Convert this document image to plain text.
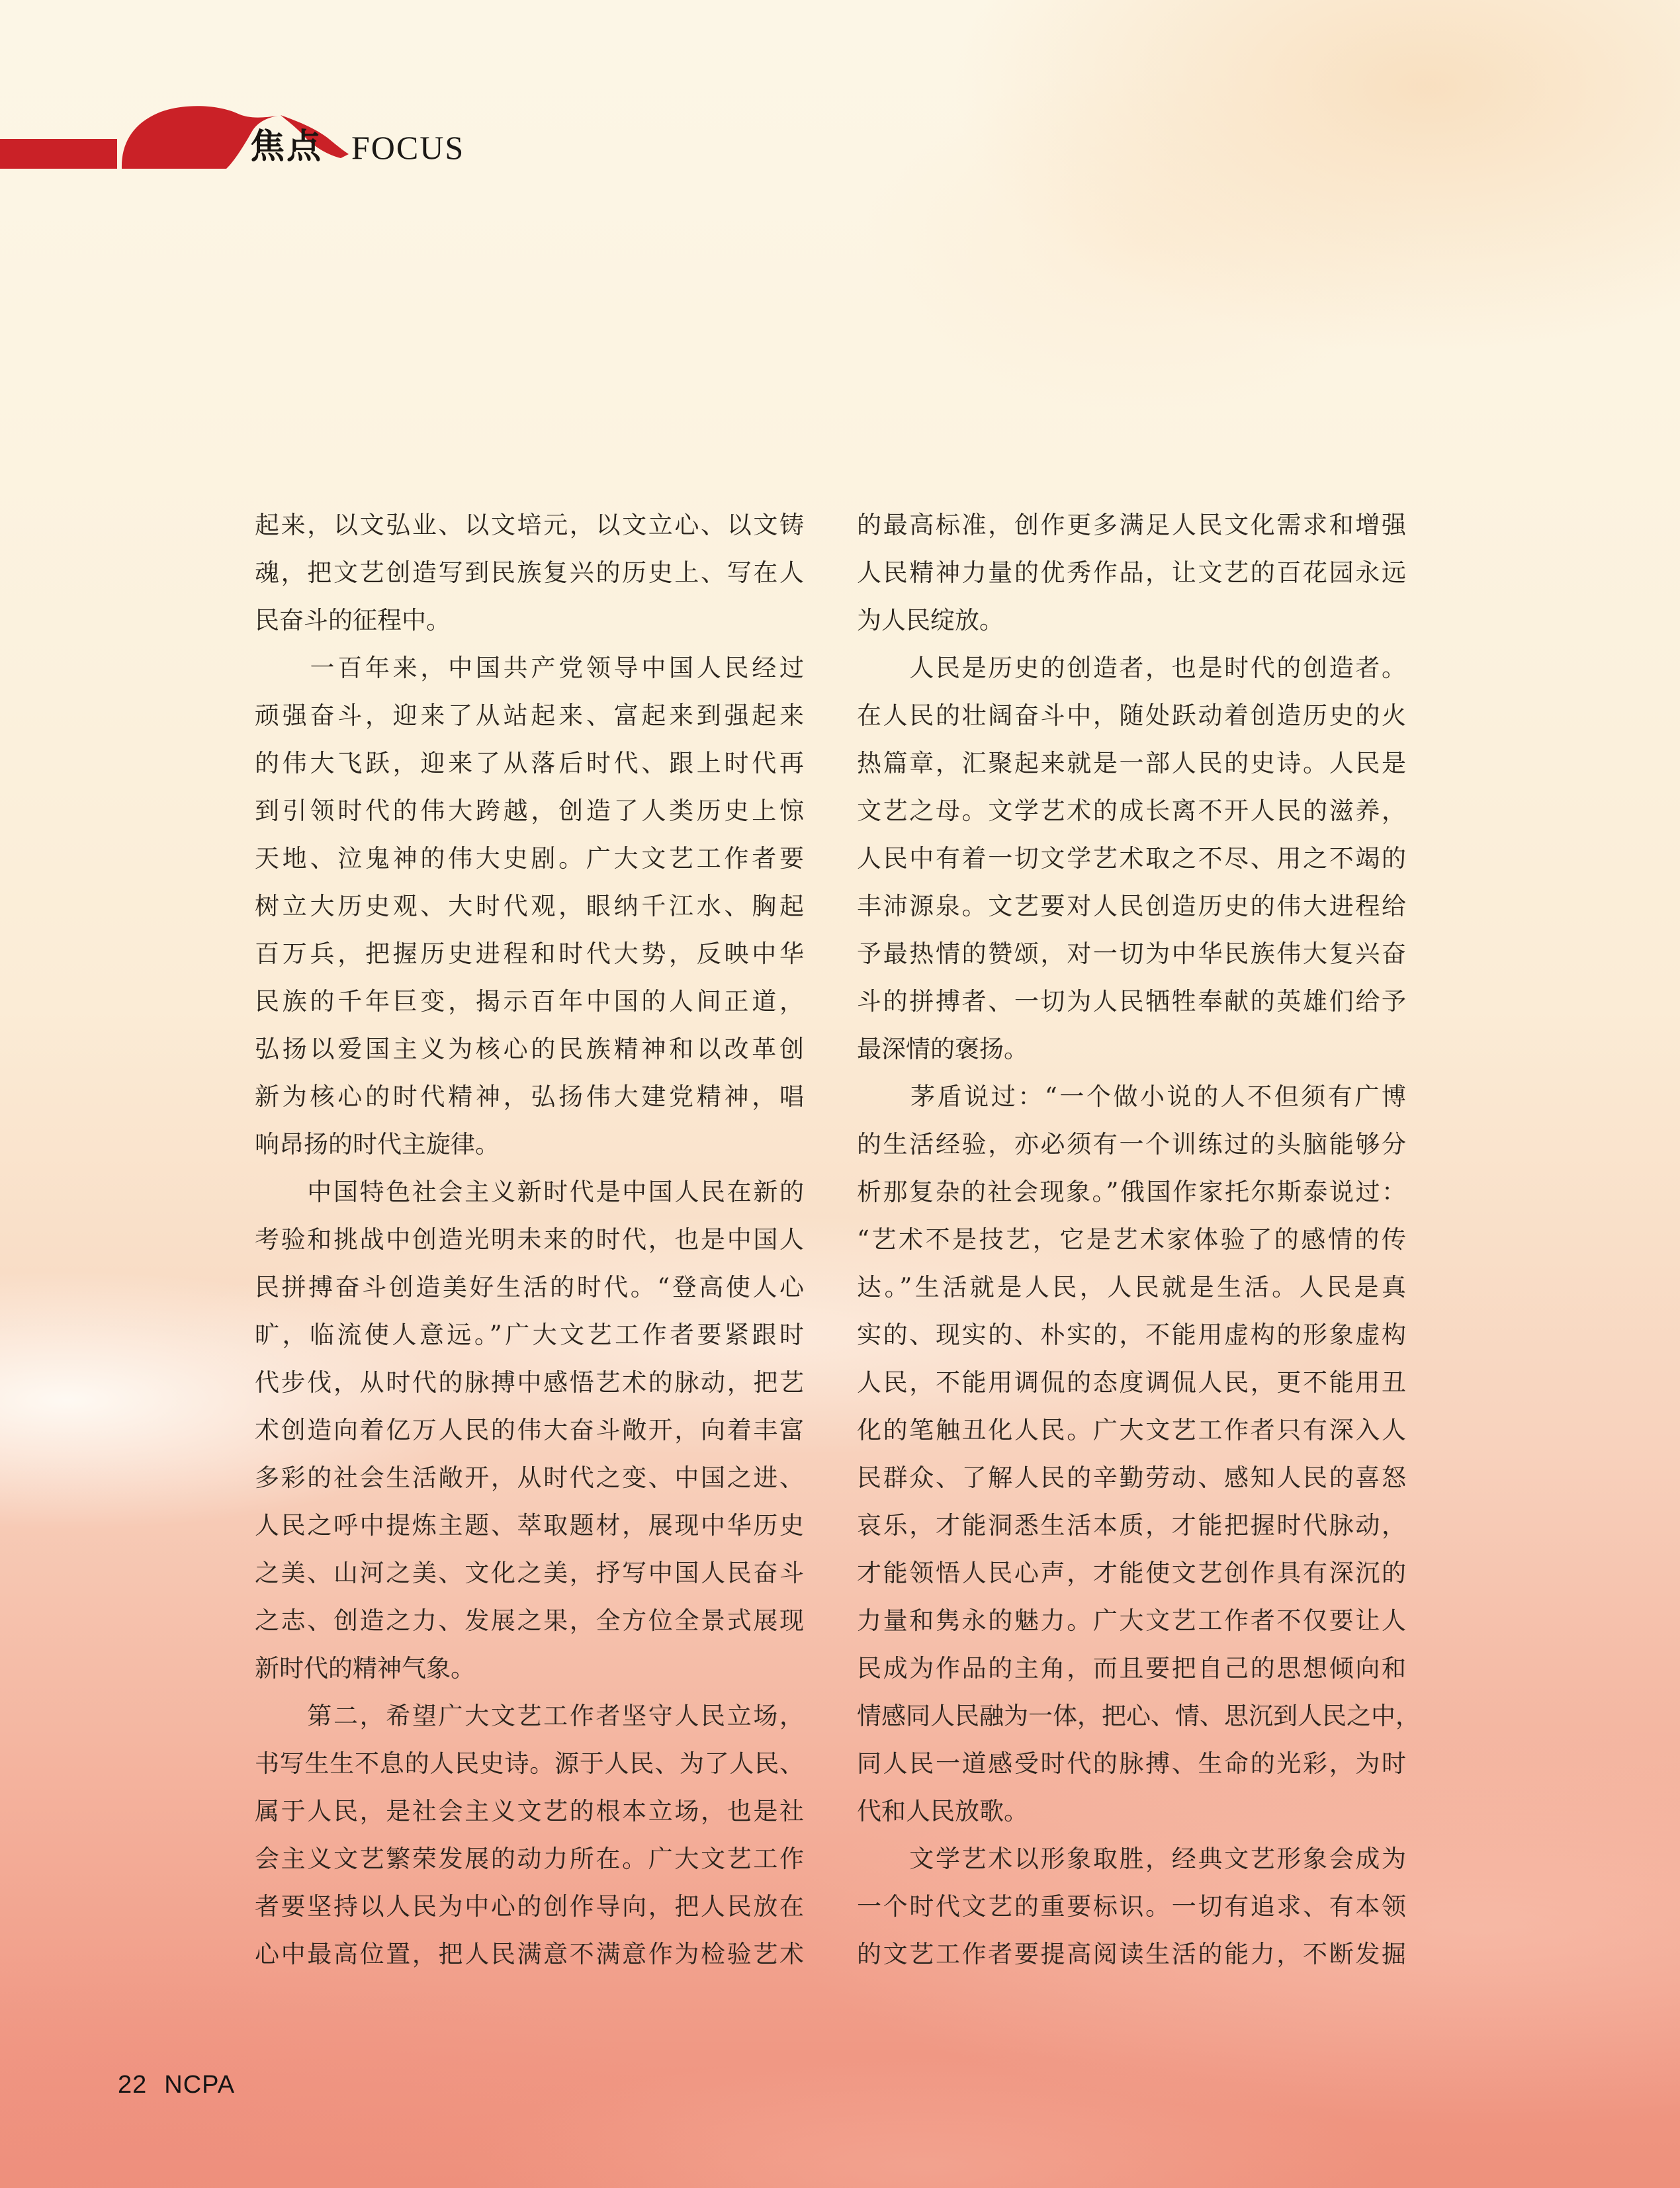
焦点 FOCUS
起来，以文弘业、以文培元，以文立心、以文铸
魂，把文艺创造写到民族复兴的历史上、写在人
民奋斗的征程中。
　　一百年来，中国共产党领导中国人民经过
顽强奋斗，迎来了从站起来、富起来到强起来
的伟大飞跃，迎来了从落后时代、跟上时代再
到引领时代的伟大跨越，创造了人类历史上惊
天地、泣鬼神的伟大史剧。广大文艺工作者要
树立大历史观、大时代观，眼纳千江水、胸起
百万兵，把握历史进程和时代大势，反映中华
民族的千年巨变，揭示百年中国的人间正道，
弘扬以爱国主义为核心的民族精神和以改革创
新为核心的时代精神，弘扬伟大建党精神，唱
响昂扬的时代主旋律。
　　中国特色社会主义新时代是中国人民在新的
考验和挑战中创造光明未来的时代，也是中国人
民拼搏奋斗创造美好生活的时代。“登高使人心
旷，临流使人意远。”广大文艺工作者要紧跟时
代步伐，从时代的脉搏中感悟艺术的脉动，把艺
术创造向着亿万人民的伟大奋斗敞开，向着丰富
多彩的社会生活敞开，从时代之变、中国之进、
人民之呼中提炼主题、萃取题材，展现中华历史
之美、山河之美、文化之美，抒写中国人民奋斗
之志、创造之力、发展之果，全方位全景式展现
新时代的精神气象。
　　第二，希望广大文艺工作者坚守人民立场，
书写生生不息的人民史诗。源于人民、为了人民、
属于人民，是社会主义文艺的根本立场，也是社
会主义文艺繁荣发展的动力所在。广大文艺工作
者要坚持以人民为中心的创作导向，把人民放在
心中最高位置，把人民满意不满意作为检验艺术
的最高标准，创作更多满足人民文化需求和增强
人民精神力量的优秀作品，让文艺的百花园永远
为人民绽放。
　　人民是历史的创造者，也是时代的创造者。
在人民的壮阔奋斗中，随处跃动着创造历史的火
热篇章，汇聚起来就是一部人民的史诗。人民是
文艺之母。文学艺术的成长离不开人民的滋养，
人民中有着一切文学艺术取之不尽、用之不竭的
丰沛源泉。文艺要对人民创造历史的伟大进程给
予最热情的赞颂，对一切为中华民族伟大复兴奋
斗的拼搏者、一切为人民牺牲奉献的英雄们给予
最深情的褒扬。
　　茅盾说过：“一个做小说的人不但须有广博
的生活经验，亦必须有一个训练过的头脑能够分
析那复杂的社会现象。”俄国作家托尔斯泰说过：
“艺术不是技艺，它是艺术家体验了的感情的传
达。”生活就是人民，人民就是生活。人民是真
实的、现实的、朴实的，不能用虚构的形象虚构
人民，不能用调侃的态度调侃人民，更不能用丑
化的笔触丑化人民。广大文艺工作者只有深入人
民群众、了解人民的辛勤劳动、感知人民的喜怒
哀乐，才能洞悉生活本质，才能把握时代脉动，
才能领悟人民心声，才能使文艺创作具有深沉的
力量和隽永的魅力。广大文艺工作者不仅要让人
民成为作品的主角，而且要把自己的思想倾向和
情感同人民融为一体，把心、情、思沉到人民之中，
同人民一道感受时代的脉搏、生命的光彩，为时
代和人民放歌。
　　文学艺术以形象取胜，经典文艺形象会成为
一个时代文艺的重要标识。一切有追求、有本领
的文艺工作者要提高阅读生活的能力，不断发掘
22 NCPA
